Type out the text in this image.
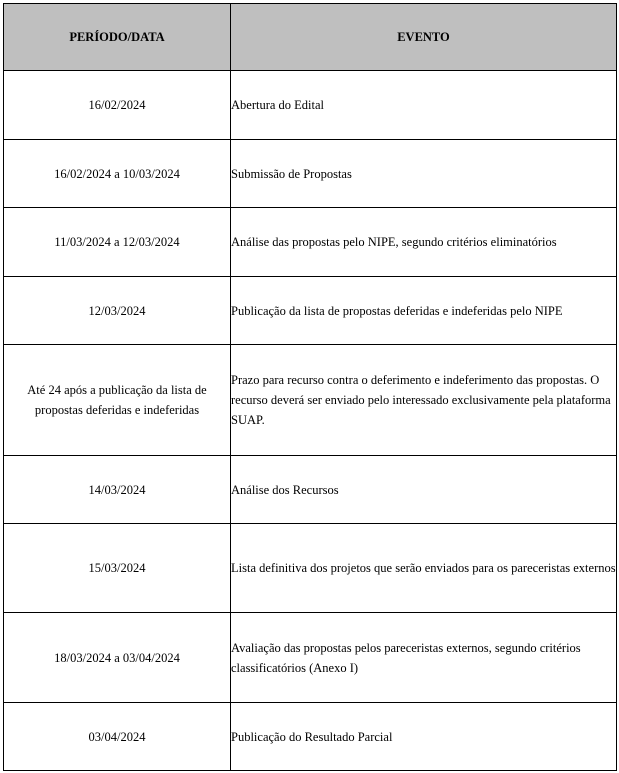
PERÍODO/DATA	EVENTO
16/02/2024	Abertura do Edital
16/02/2024 a 10/03/2024	Submissão de Propostas
11/03/2024 a 12/03/2024	Análise das propostas pelo NIPE, segundo critérios eliminatórios
12/03/2024	Publicação da lista de propostas deferidas e indeferidas pelo NIPE
Até 24 após a publicação da lista de propostas deferidas e indeferidas	Prazo para recurso contra o deferimento e indeferimento das propostas. O recurso deverá ser enviado pelo interessado exclusivamente pela plataforma SUAP.
14/03/2024	Análise dos Recursos
15/03/2024	Lista definitiva dos projetos que serão enviados para os pareceristas externos
18/03/2024 a 03/04/2024	Avaliação das propostas pelos pareceristas externos, segundo critérios classificatórios (Anexo I)
03/04/2024	Publicação do Resultado Parcial
